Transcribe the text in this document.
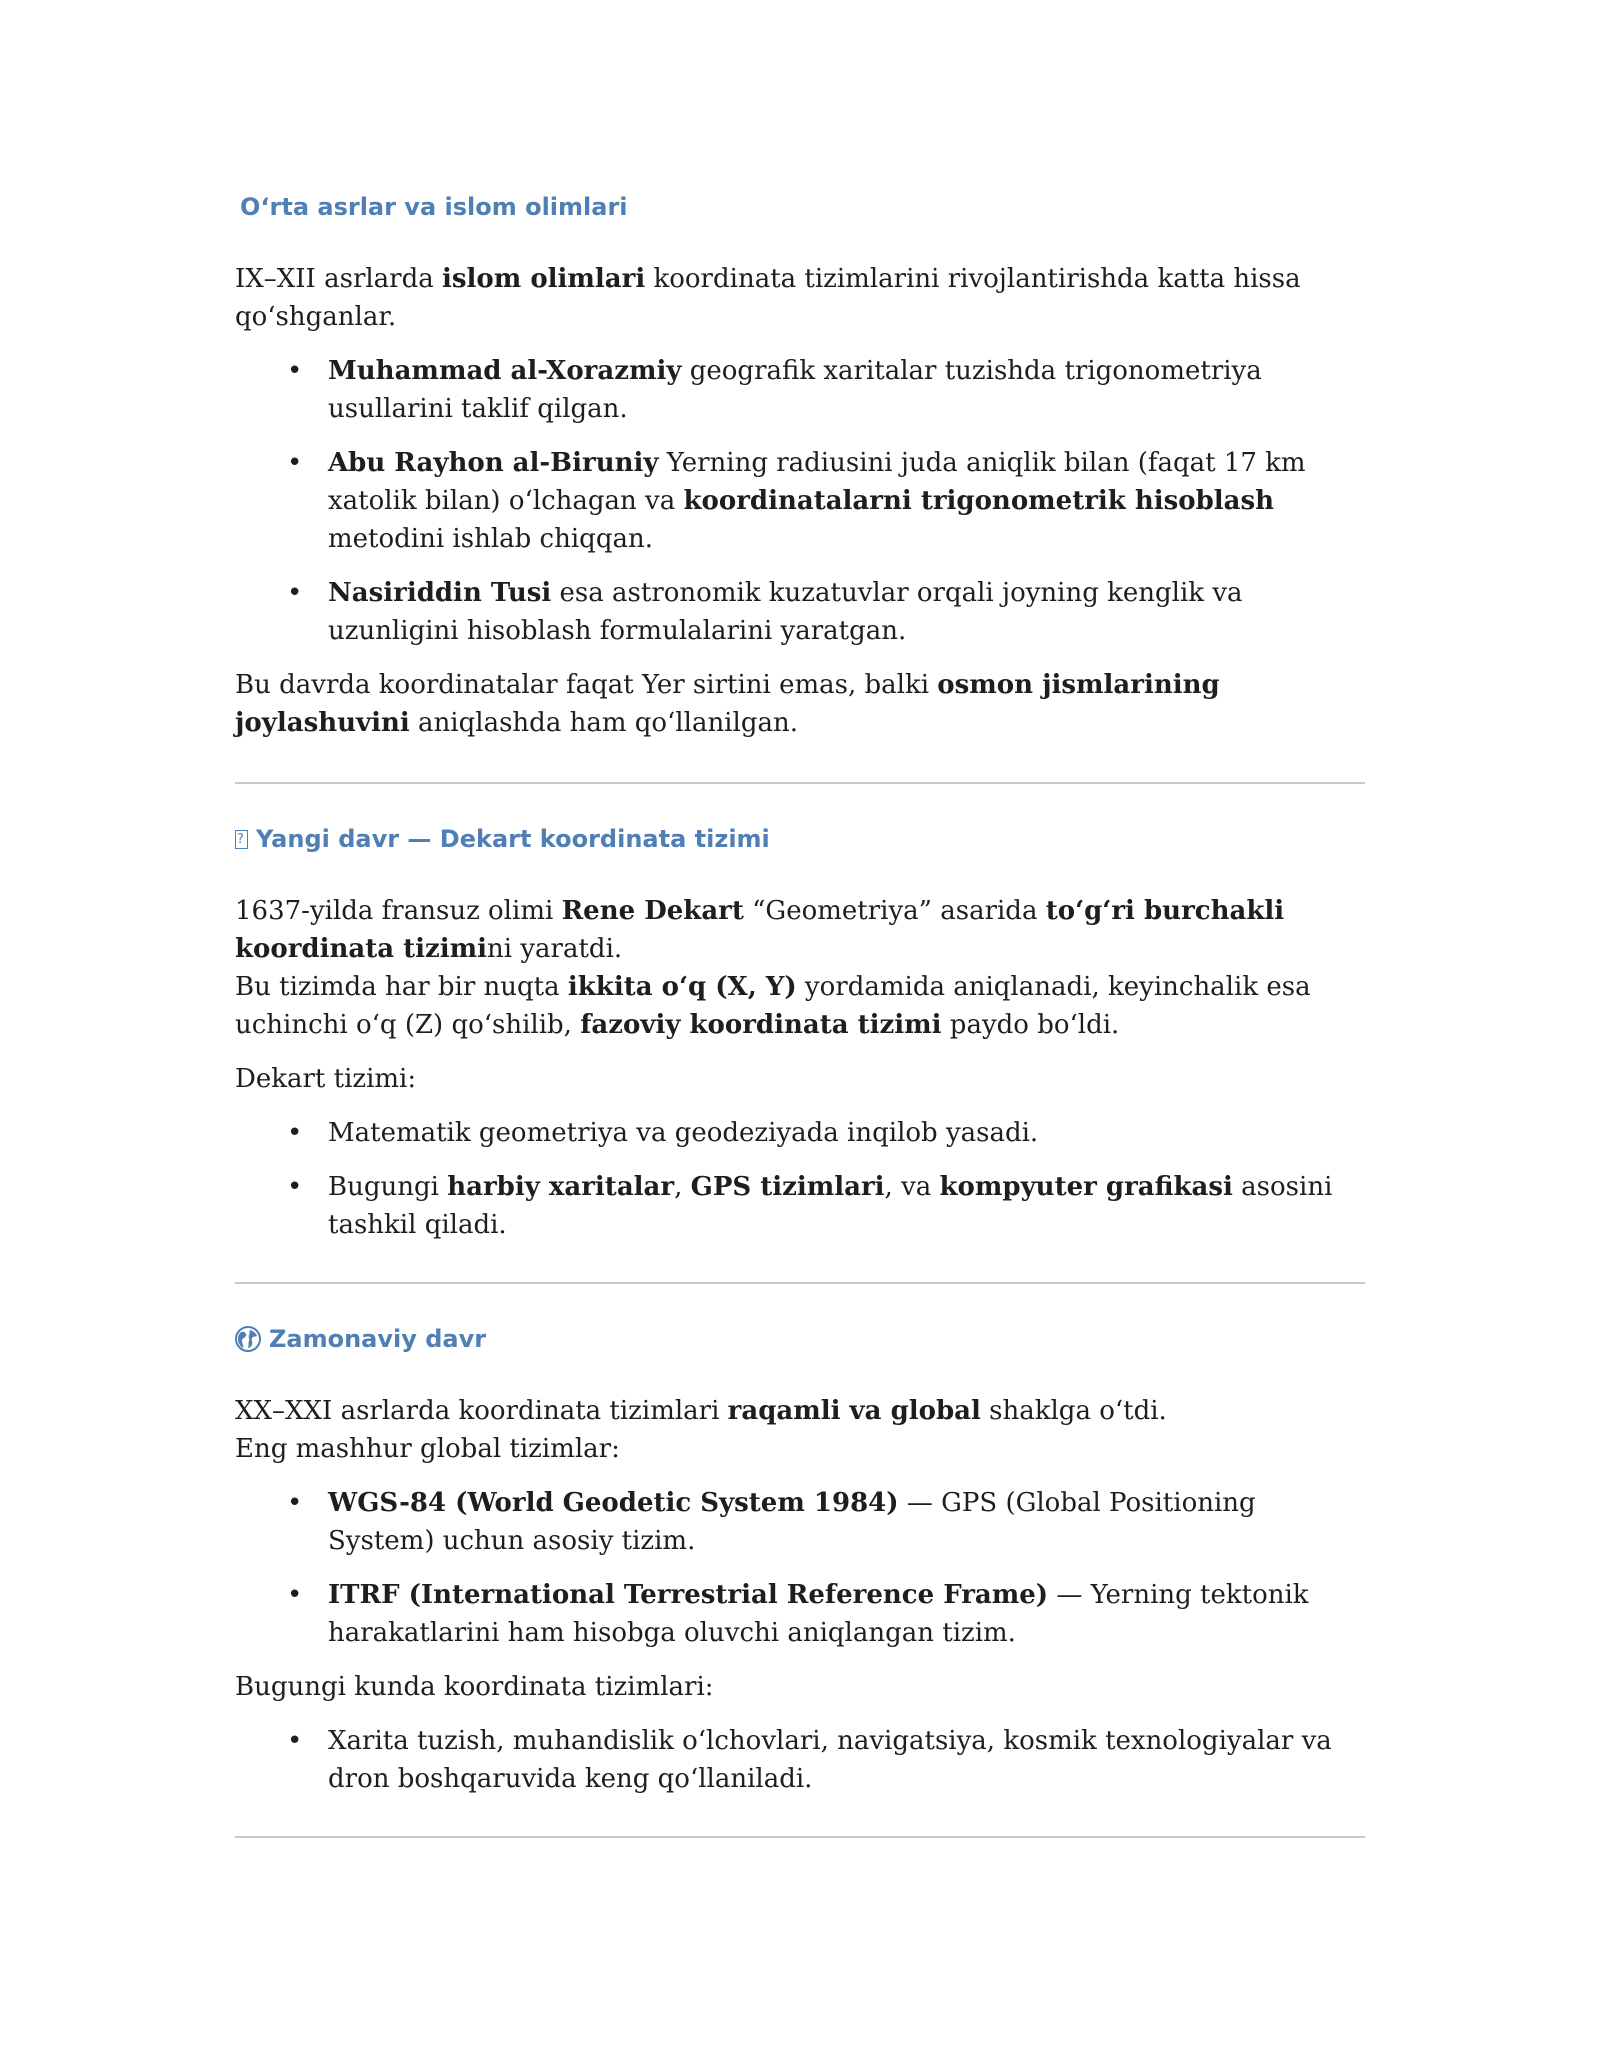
O‘rta asrlar va islom olimlari

IX–XII asrlarda islom olimlari koordinata tizimlarini rivojlantirishda katta hissa qo‘shganlar.

• Muhammad al-Xorazmiy geografik xaritalar tuzishda trigonometriya usullarini taklif qilgan.
• Abu Rayhon al-Biruniy Yerning radiusini juda aniqlik bilan (faqat 17 km xatolik bilan) o‘lchagan va koordinatalarni trigonometrik hisoblash metodini ishlab chiqqan.
• Nasiriddin Tusi esa astronomik kuzatuvlar orqali joyning kenglik va uzunligini hisoblash formulalarini yaratgan.

Bu davrda koordinatalar faqat Yer sirtini emas, balki osmon jismlarining joylashuvini aniqlashda ham qo‘llanilgan.

?
Yangi davr — Dekart koordinata tizimi

1637-yilda fransuz olimi Rene Dekart “Geometriya” asarida to‘g‘ri burchakli koordinata tizimini yaratdi.

Bu tizimda har bir nuqta ikkita o‘q (X, Y) yordamida aniqlanadi, keyinchalik esa uchinchi o‘q (Z) qo‘shilib, fazoviy koordinata tizimi paydo bo‘ldi.

Dekart tizimi:

• Matematik geometriya va geodeziyada inqilob yasadi.
• Bugungi harbiy xaritalar, GPS tizimlari, va kompyuter grafikasi asosini tashkil qiladi.
Zamonaviy davr

XX–XXI asrlarda koordinata tizimlari raqamli va global shaklga o‘tdi.

Eng mashhur global tizimlar:

• WGS-84 (World Geodetic System 1984) — GPS (Global Positioning System) uchun asosiy tizim.
• ITRF (International Terrestrial Reference Frame) — Yerning tektonik harakatlarini ham hisobga oluvchi aniqlangan tizim.

Bugungi kunda koordinata tizimlari:

• Xarita tuzish, muhandislik o‘lchovlari, navigatsiya, kosmik texnologiyalar va dron boshqaruvida keng qo‘llaniladi.
